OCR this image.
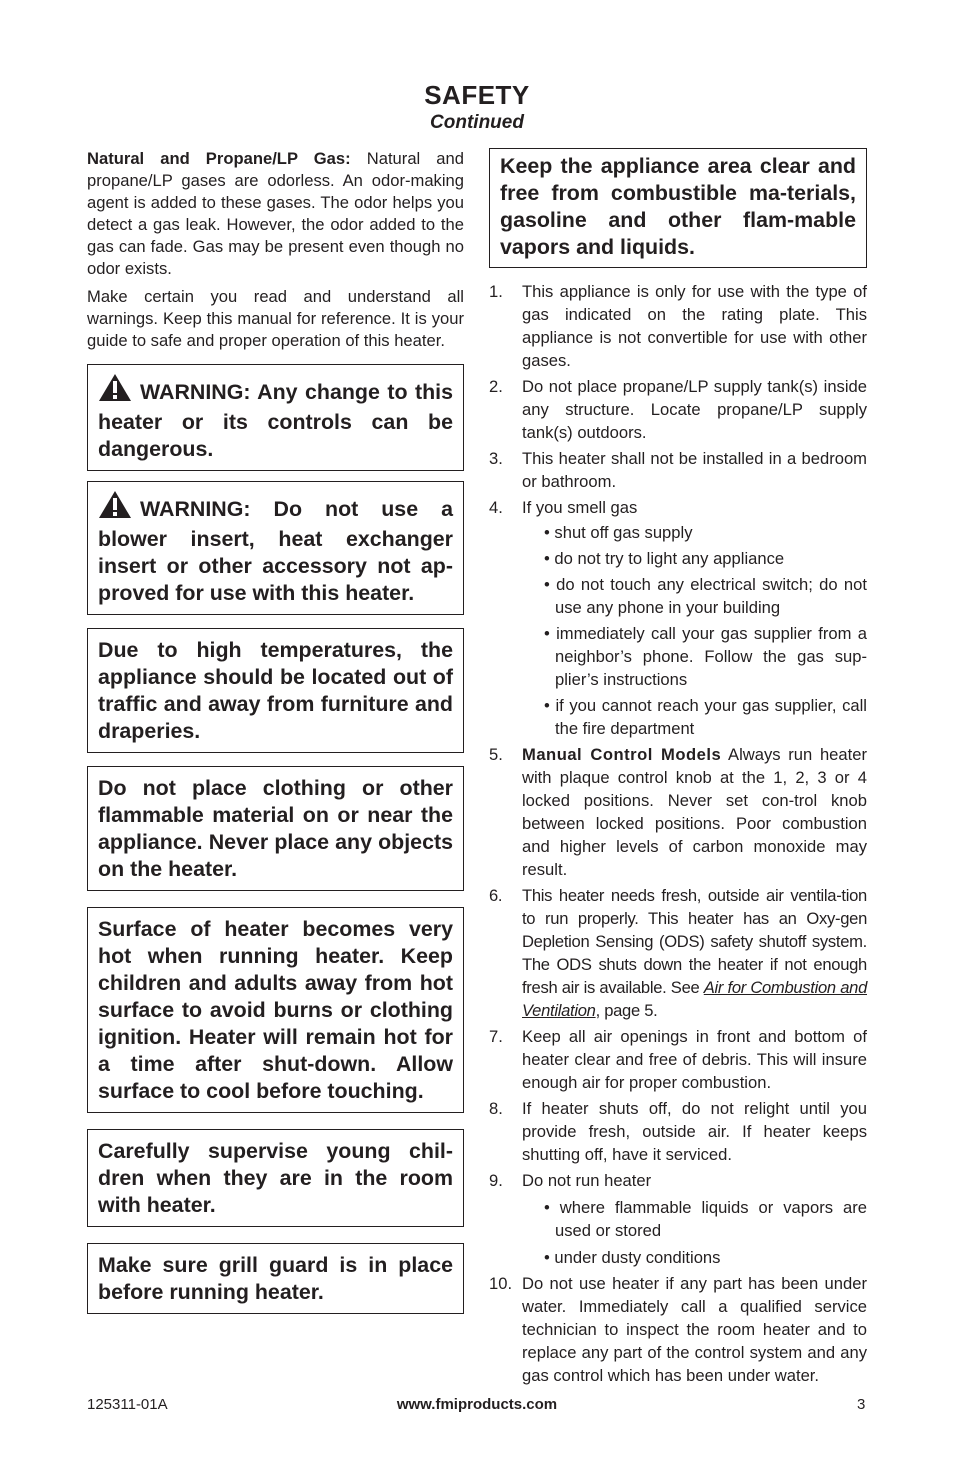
SAFETY
Continued

Natural and Propane/LP Gas: Natural and propane/LP gases are odorless. An odor-making agent is added to these gases. The odor helps you detect a gas leak. However, the odor added to the gas can fade. Gas may be present even though no odor exists.

Make certain you read and understand all warnings. Keep this manual for reference. It is your guide to safe and proper operation of this heater.

WARNING: Any change to this heater or its controls can be dangerous.
WARNING: Do not use a blower insert, heat exchanger insert or other accessory not ap-proved for use with this heater.
Due to high temperatures, the appliance should be located out of traffic and away from furniture and draperies.
Do not place clothing or other flammable material on or near the appliance. Never place any objects on the heater.
Surface of heater becomes very hot when running heater. Keep children and adults away from hot surface to avoid burns or clothing ignition. Heater will remain hot for a time after shut-down. Allow surface to cool before touching.
Carefully supervise young chil-dren when they are in the room with heater.
Make sure grill guard is in place before running heater.
Keep the appliance area clear and free from combustible ma-terials, gasoline and other flam-mable vapors and liquids.
1. This appliance is only for use with the type of gas indicated on the rating plate. This appliance is not convertible for use with other gases.
2. Do not place propane/LP supply tank(s) inside any structure. Locate propane/LP supply tank(s) outdoors.
3. This heater shall not be installed in a bedroom or bathroom.
4. If you smell gas
• shut off gas supply
• do not try to light any appliance
• do not touch any electrical switch; do not use any phone in your building
• immediately call your gas supplier from a neighbor’s phone. Follow the gas sup-plier’s instructions
• if you cannot reach your gas supplier, call the fire department
5. Manual Control Models Always run heater with plaque control knob at the 1, 2, 3 or 4 locked positions. Never set con-trol knob between locked positions. Poor combustion and higher levels of carbon monoxide may result.
6. This heater needs fresh, outside air ventila-tion to run properly. This heater has an Oxy-gen Depletion Sensing (ODS) safety shutoff system. The ODS shuts down the heater if not enough fresh air is available. See Air for Combustion and Ventilation, page 5.
7. Keep all air openings in front and bottom of heater clear and free of debris. This will insure enough air for proper combustion.
8. If heater shuts off, do not relight until you provide fresh, outside air. If heater keeps shutting off, have it serviced.
9. Do not run heater
• where flammable liquids or vapors are used or stored
• under dusty conditions
10. Do not use heater if any part has been under water. Immediately call a qualified service technician to inspect the room heater and to replace any part of the control system and any gas control which has been under water.
125311-01A	www.fmiproducts.com	3
